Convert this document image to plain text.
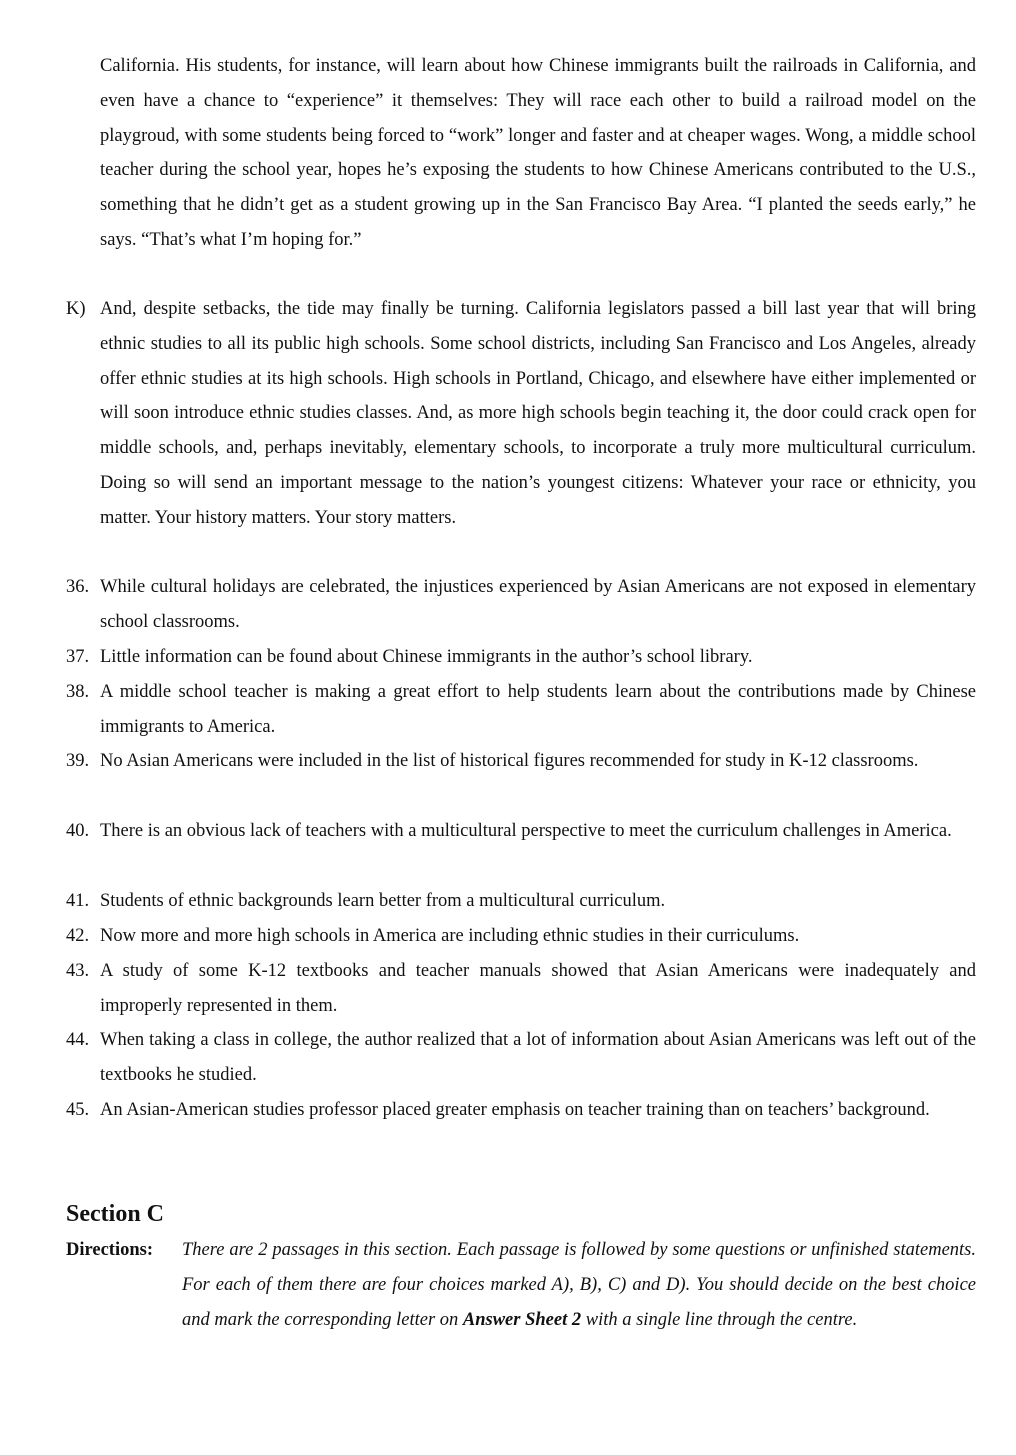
California. His students, for instance, will learn about how Chinese immigrants built the railroads in California, and even have a chance to “experience” it themselves: They will race each other to build a railroad model on the playgroud, with some students being forced to “work” longer and faster and at cheaper wages. Wong, a middle school teacher during the school year, hopes he’s exposing the students to how Chinese Americans contributed to the U.S., something that he didn’t get as a student growing up in the San Francisco Bay Area. “I planted the seeds early,” he says. “That’s what I’m hoping for.”
K) And, despite setbacks, the tide may finally be turning. California legislators passed a bill last year that will bring ethnic studies to all its public high schools. Some school districts, including San Francisco and Los Angeles, already offer ethnic studies at its high schools. High schools in Portland, Chicago, and elsewhere have either implemented or will soon introduce ethnic studies classes. And, as more high schools begin teaching it, the door could crack open for middle schools, and, perhaps inevitably, elementary schools, to incorporate a truly more multicultural curriculum. Doing so will send an important message to the nation’s youngest citizens: Whatever your race or ethnicity, you matter. Your history matters. Your story matters.
36. While cultural holidays are celebrated, the injustices experienced by Asian Americans are not exposed in elementary school classrooms.
37. Little information can be found about Chinese immigrants in the author’s school library.
38. A middle school teacher is making a great effort to help students learn about the contributions made by Chinese immigrants to America.
39. No Asian Americans were included in the list of historical figures recommended for study in K-12 classrooms.
40. There is an obvious lack of teachers with a multicultural perspective to meet the curriculum challenges in America.
41. Students of ethnic backgrounds learn better from a multicultural curriculum.
42. Now more and more high schools in America are including ethnic studies in their curriculums.
43. A study of some K-12 textbooks and teacher manuals showed that Asian Americans were inadequately and improperly represented in them.
44. When taking a class in college, the author realized that a lot of information about Asian Americans was left out of the textbooks he studied.
45. An Asian-American studies professor placed greater emphasis on teacher training than on teachers’ background.
Section C
Directions: There are 2 passages in this section. Each passage is followed by some questions or unfinished statements. For each of them there are four choices marked A), B), C) and D). You should decide on the best choice and mark the corresponding letter on Answer Sheet 2 with a single line through the centre.
